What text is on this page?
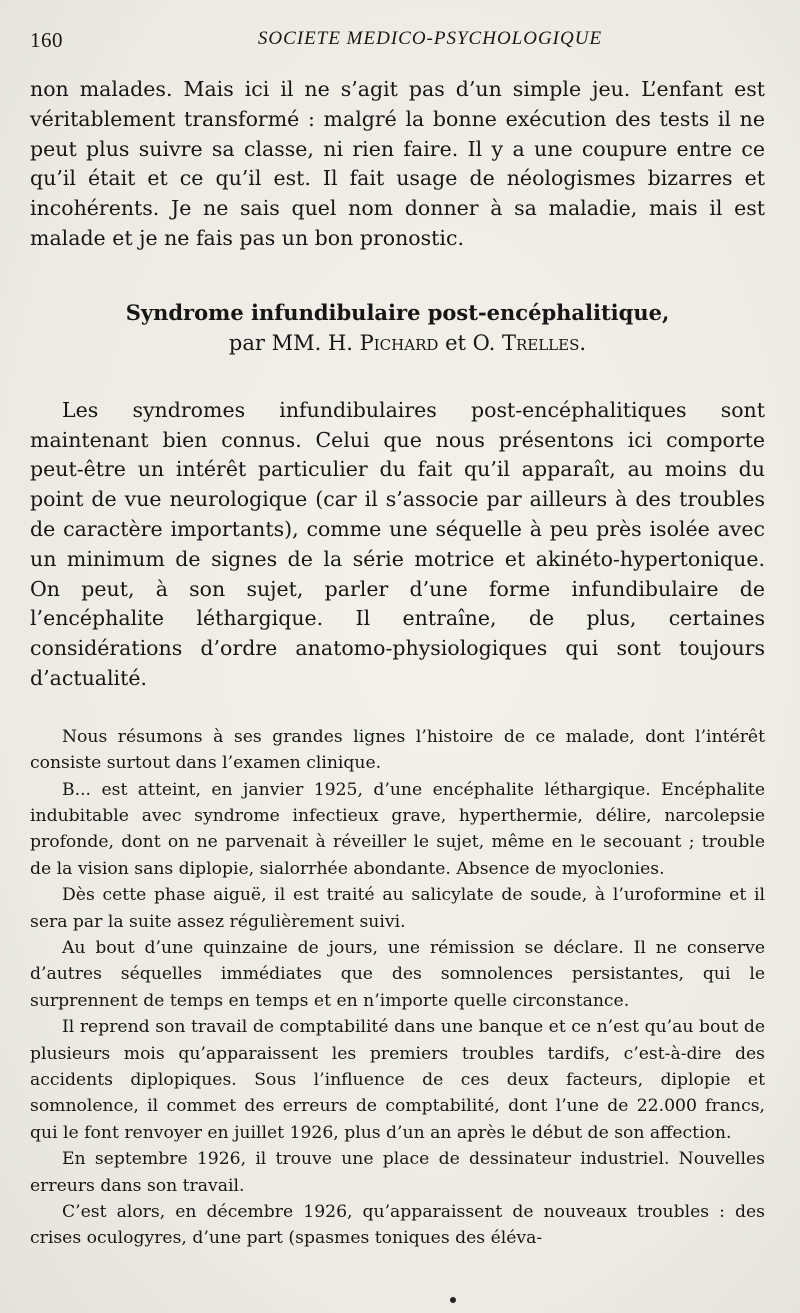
160	SOCIETE MEDICO-PSYCHOLOGIQUE

non malades. Mais ici il ne s’agit pas d’un simple jeu. L’enfant est véritablement transformé : malgré la bonne exécution des tests il ne peut plus suivre sa classe, ni rien faire. Il y a une coupure entre ce qu’il était et ce qu’il est. Il fait usage de néologismes bizarres et incohérents. Je ne sais quel nom donner à sa maladie, mais il est malade et je ne fais pas un bon pronostic.

Syndrome infundibulaire post-encéphalitique,
par MM. H. Pichard et O. Trelles.

Les syndromes infundibulaires post-encéphalitiques sont maintenant bien connus. Celui que nous présentons ici comporte peut-être un intérêt particulier du fait qu’il apparaît, au moins du point de vue neurologique (car il s’associe par ailleurs à des troubles de caractère importants), comme une séquelle à peu près isolée avec un minimum de signes de la série motrice et akinéto-hypertonique. On peut, à son sujet, parler d’une forme infundibulaire de l’encéphalite léthargique. Il entraîne, de plus, certaines considérations d’ordre anatomo-physiologiques qui sont toujours d’actualité.

Nous résumons à ses grandes lignes l’histoire de ce malade, dont l’intérêt consiste surtout dans l’examen clinique.

B... est atteint, en janvier 1925, d’une encéphalite léthargique. Encéphalite indubitable avec syndrome infectieux grave, hyperthermie, délire, narcolepsie profonde, dont on ne parvenait à réveiller le sujet, même en le secouant ; trouble de la vision sans diplopie, sialorrhée abondante. Absence de myoclonies.

Dès cette phase aiguë, il est traité au salicylate de soude, à l’uroformine et il sera par la suite assez régulièrement suivi.

Au bout d’une quinzaine de jours, une rémission se déclare. Il ne conserve d’autres séquelles immédiates que des somnolences persistantes, qui le surprennent de temps en temps et en n’importe quelle circonstance.

Il reprend son travail de comptabilité dans une banque et ce n’est qu’au bout de plusieurs mois qu’apparaissent les premiers troubles tardifs, c’est-à-dire des accidents diplopiques. Sous l’influence de ces deux facteurs, diplopie et somnolence, il commet des erreurs de comptabilité, dont l’une de 22.000 francs, qui le font renvoyer en juillet 1926, plus d’un an après le début de son affection.

En septembre 1926, il trouve une place de dessinateur industriel. Nouvelles erreurs dans son travail.

C’est alors, en décembre 1926, qu’apparaissent de nouveaux troubles : des crises oculogyres, d’une part (spasmes toniques des éléva-
